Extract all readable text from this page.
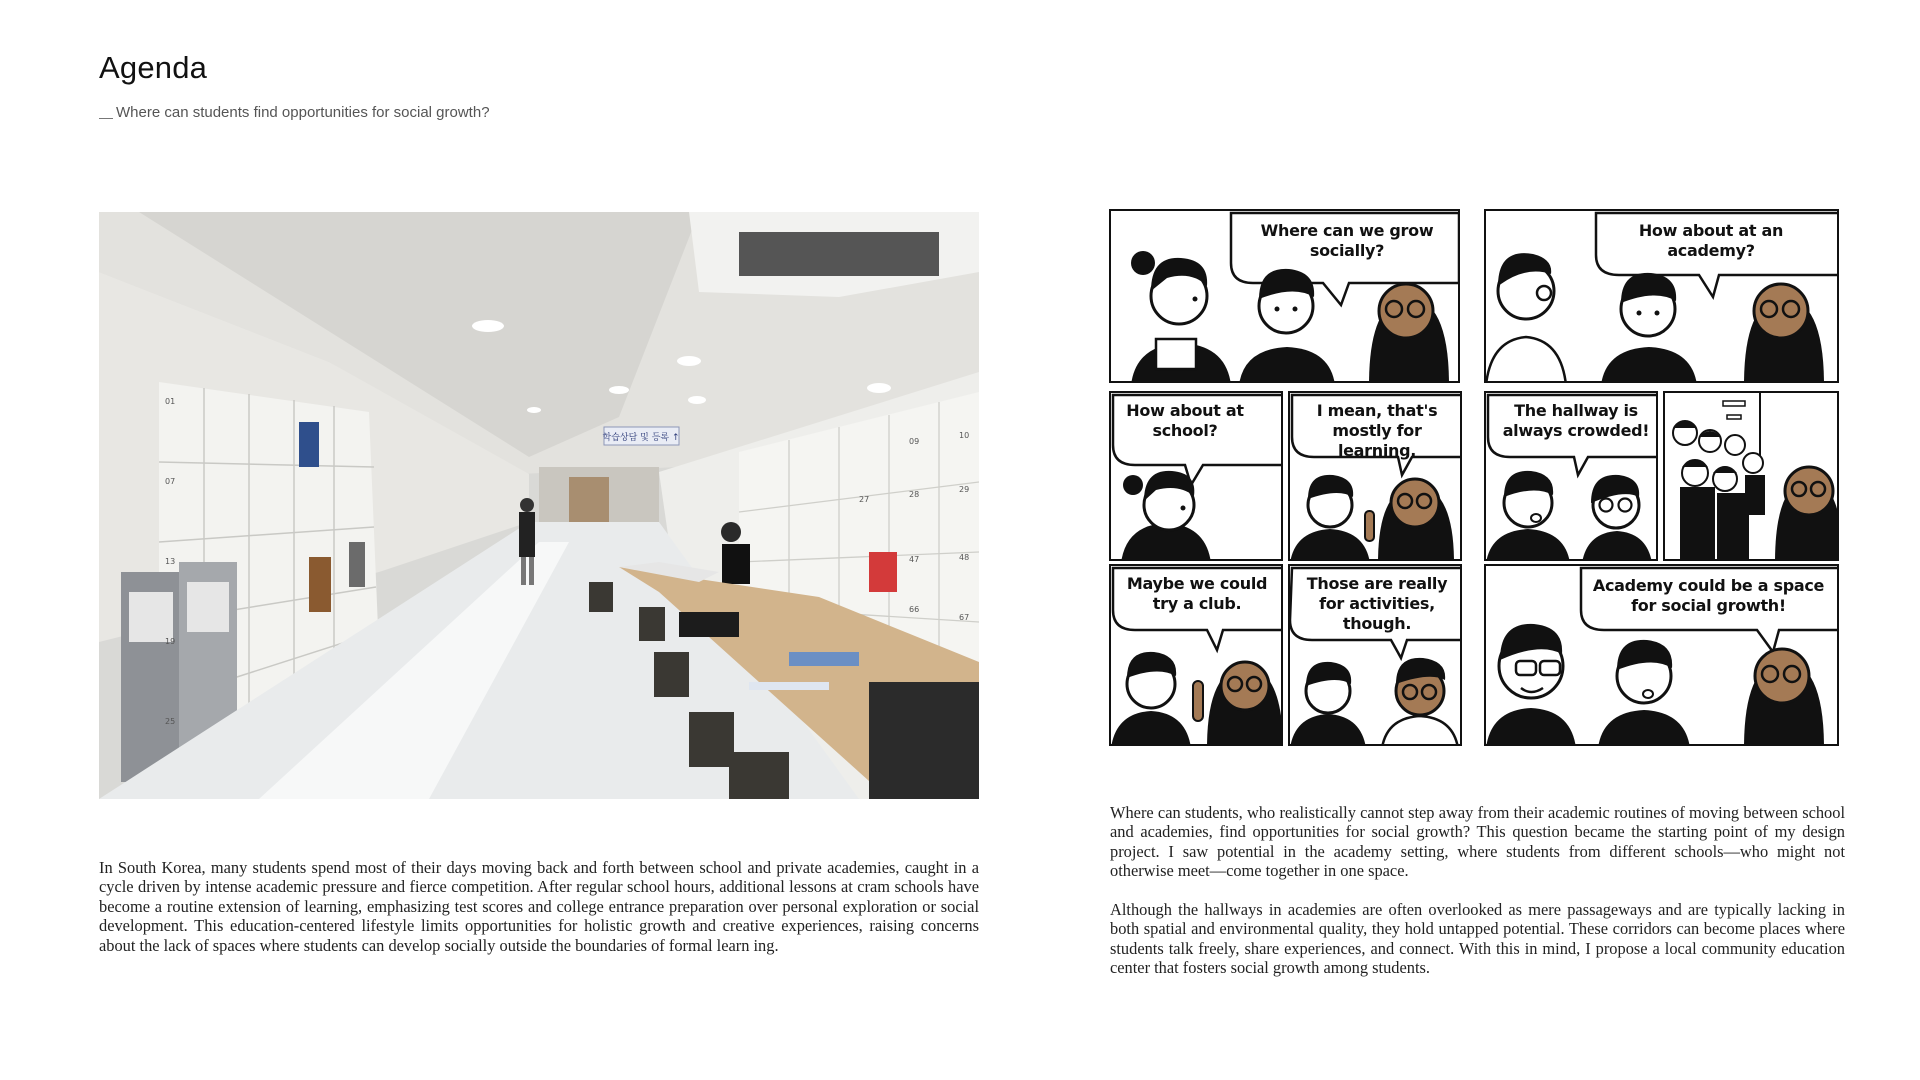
Agenda
Where can students find opportunities for social growth?
학습상담 및 등록 ↑
01
07
13
19
25
09
10
27
28
29
47	48
66
67
In South Korea, many students spend most of their days moving back and forth between school and private academies, caught in a cycle driven by intense academic pressure and fierce competition. After regular school hours, additional lessons at cram schools have become a routine extension of learning, emphasizing test scores and college entrance preparation over personal exploration or social development. This education-centered lifestyle limits opportunities for holistic growth and creative experiences, raising concerns about the lack of spaces where students can develop socially outside the boundaries of formal learn ing.
Where can we grow socially?
How about at an academy?
How about at school?
I mean, that's mostly for learning.
The hallway is always crowded!
Maybe we could try a club.
Those are really for activities, though.
Academy could be a space for social growth!
Where can students, who realistically cannot step away from their academic routines of moving between school and academies, find opportunities for social growth? This question became the starting point of my design project. I saw potential in the academy setting, where students from different schools—who might not otherwise meet—come together in one space.
Although the hallways in academies are often overlooked as mere passageways and are typically lacking in both spatial and environmental quality, they hold untapped potential. These corridors can become places where students talk freely, share experiences, and connect. With this in mind, I propose a local community education center that fosters social growth among students.
